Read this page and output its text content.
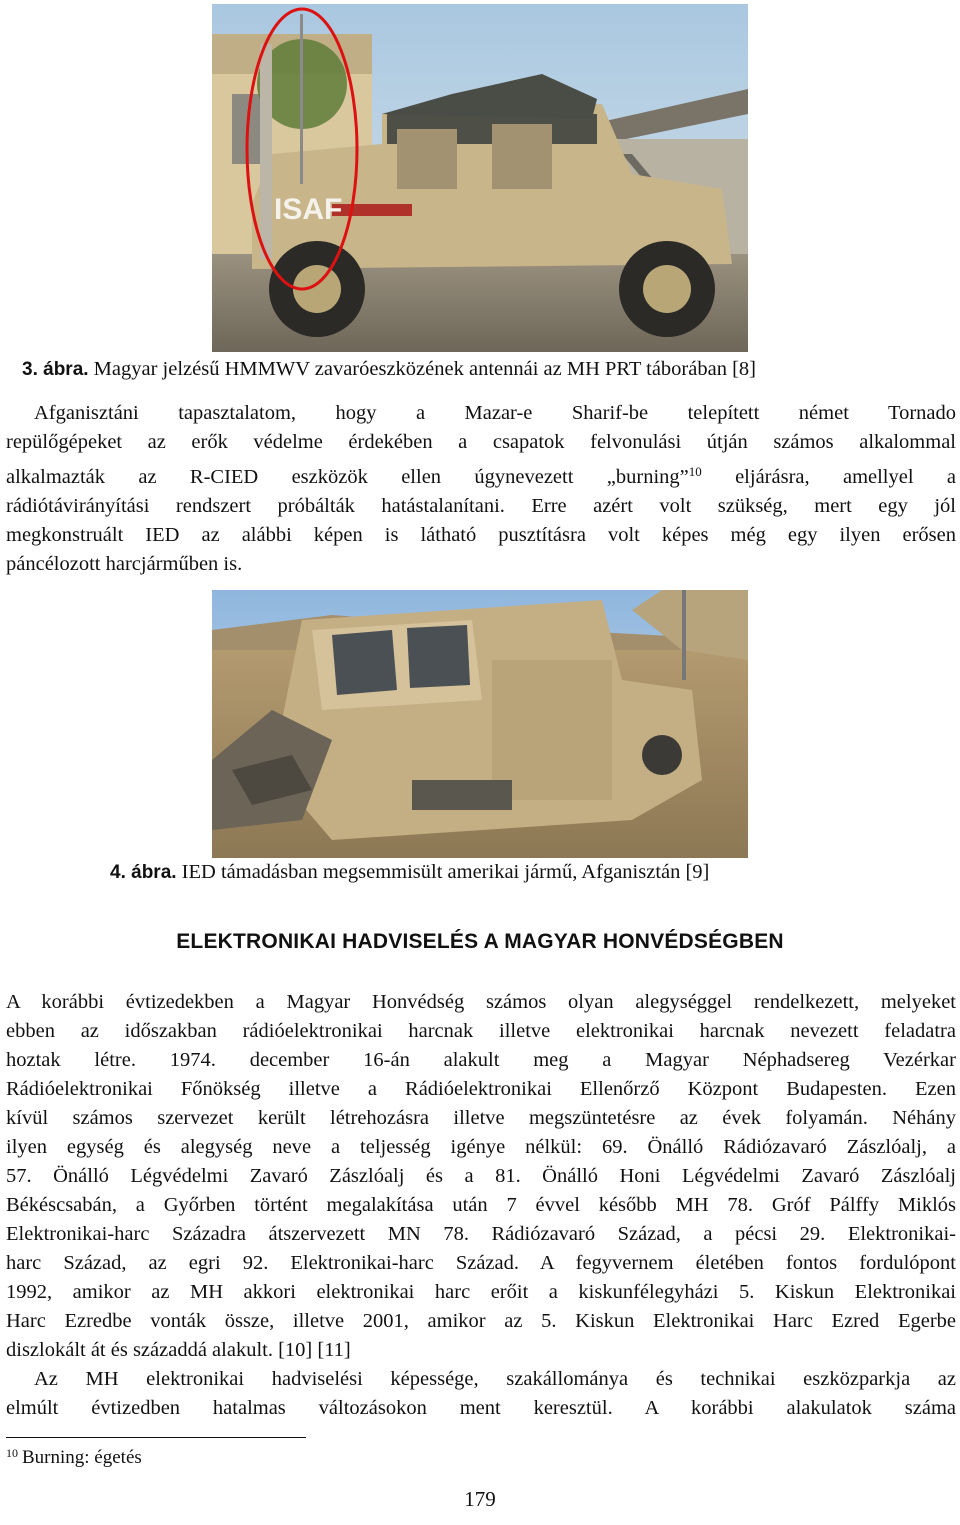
ISAF
3. ábra. Magyar jelzésű HMMWV zavaróeszközének antennái az MH PRT táborában [8]
Afganisztáni tapasztalatom, hogy a Mazar-e Sharif-be telepített német Tornado
repülőgépeket az erők védelme érdekében a csapatok felvonulási útján számos alkalommal
alkalmazták az R-CIED eszközök ellen úgynevezett „burning”$^{10}$ eljárásra, amellyel a
rádiótávirányítási rendszert próbálták hatástalanítani. Erre azért volt szükség, mert egy jól
megkonstruált IED az alábbi képen is látható pusztításra volt képes még egy ilyen erősen
páncélozott harcjárműben is.
4. ábra. IED támadásban megsemmisült amerikai jármű, Afganisztán [9]
ELEKTRONIKAI HADVISELÉS A MAGYAR HONVÉDSÉGBEN
A korábbi évtizedekben a Magyar Honvédség számos olyan alegységgel rendelkezett, melyeket
ebben az időszakban rádióelektronikai harcnak illetve elektronikai harcnak nevezett feladatra
hoztak létre. 1974. december 16-án alakult meg a Magyar Néphadsereg Vezérkar
Rádióelektronikai Főnökség illetve a Rádióelektronikai Ellenőrző Központ Budapesten. Ezen
kívül számos szervezet került létrehozásra illetve megszüntetésre az évek folyamán. Néhány
ilyen egység és alegység neve a teljesség igénye nélkül: 69. Önálló Rádiózavaró Zászlóalj, a
57. Önálló Légvédelmi Zavaró Zászlóalj és a 81. Önálló Honi Légvédelmi Zavaró Zászlóalj
Békéscsabán, a Győrben történt megalakítása után 7 évvel később MH 78. Gróf Pálffy Miklós
Elektronikai-harc Századra átszervezett MN 78. Rádiózavaró Század, a pécsi 29. Elektronikai-
harc Század, az egri 92. Elektronikai-harc Század. A fegyvernem életében fontos fordulópont
1992, amikor az MH akkori elektronikai harc erőit a kiskunfélegyházi 5. Kiskun Elektronikai
Harc Ezredbe vonták össze, illetve 2001, amikor az 5. Kiskun Elektronikai Harc Ezred Egerbe
diszlokált át és századdá alakult. [10] [11]
Az MH elektronikai hadviselési képessége, szakállománya és technikai eszközparkja az
elmúlt évtizedben hatalmas változásokon ment keresztül. A korábbi alakulatok száma
$^{10}$ Burning: égetés
179
